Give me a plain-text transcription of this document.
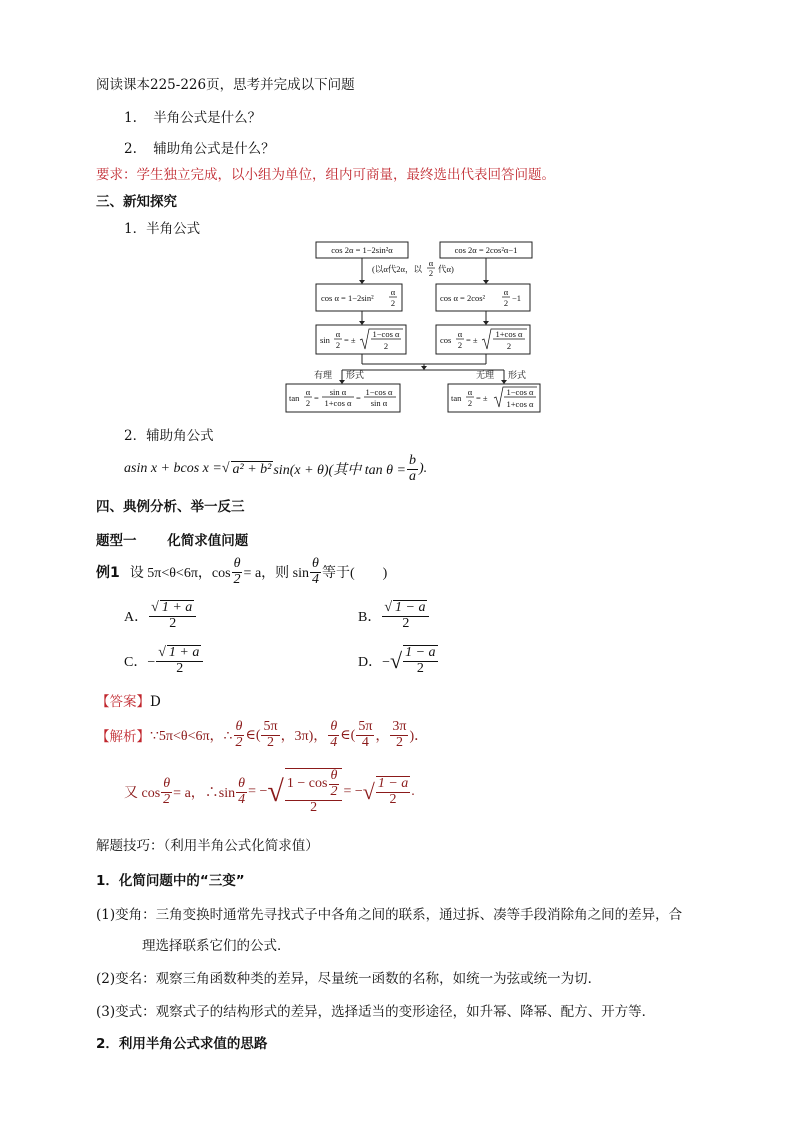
阅读课本225-226页，思考并完成以下问题
1. 半角公式是什么？
2. 辅助角公式是什么？
要求：学生独立完成，以小组为单位，组内可商量，最终选出代表回答问题。
三、新知探究
1．半角公式
cos 2α = 1−2sin²α	cos 2α = 2cos²α−1
(以α代2α，以
α
2 代α)
cos α = 1−2sin²
α
2	cos α = 2cos²
α
2 −1
sin
α
2 = ±
1−cos α
2
cos
α
2 = ±
1+cos α
2
有理 形式	无理 形式
tan
α
2 =
sin α
1+cos α =
1−cos α
sin α	tan
α
2 = ±
1−cos α
1+cos α
2．辅助角公式
asin x + bcos x = √ a² + b² sin(x + θ)(其中 $\tan \theta = \frac{b}{a}$ ).
四、典例分析、举一反三
题型一 化简求值问题
例1 设 5π<θ<6π，$\cos \frac{\theta}{2} = a$，则 $\sin \frac{\theta}{4}$ 等于(　　)
A． $\frac{√ 1 + a}{2}$	B． $\frac{√ 1 - a}{2}$
C．− $\frac{√ 1 + a}{2}$	D．− √ $\frac{1 - a}{2}$
【答案】D
【解析】 ∵5π<θ<6π，∴ $\frac{\theta}{2}$ ∈( $\frac{5\pi}{2}$ ，3π)， $\frac{\theta}{4}$ ∈( $\frac{5\pi}{4}$ ， $\frac{3\pi}{2}$ )．
又 $\cos \frac{\theta}{2} = a$，∴sin $\frac{\theta}{4}$ = − √ $\frac{1 - \cos \frac{\theta}{2}}{2}$ = − √ $\frac{1 - a}{2}$ .
解题技巧：（利用半角公式化简求值）
1．化简问题中的“三变”
(1)变角：三角变换时通常先寻找式子中各角之间的联系，通过拆、凑等手段消除角之间的差异，合
理选择联系它们的公式．
(2)变名：观察三角函数种类的差异，尽量统一函数的名称，如统一为弦或统一为切．
(3)变式：观察式子的结构形式的差异，选择适当的变形途径，如升幂、降幂、配方、开方等．
2．利用半角公式求值的思路
